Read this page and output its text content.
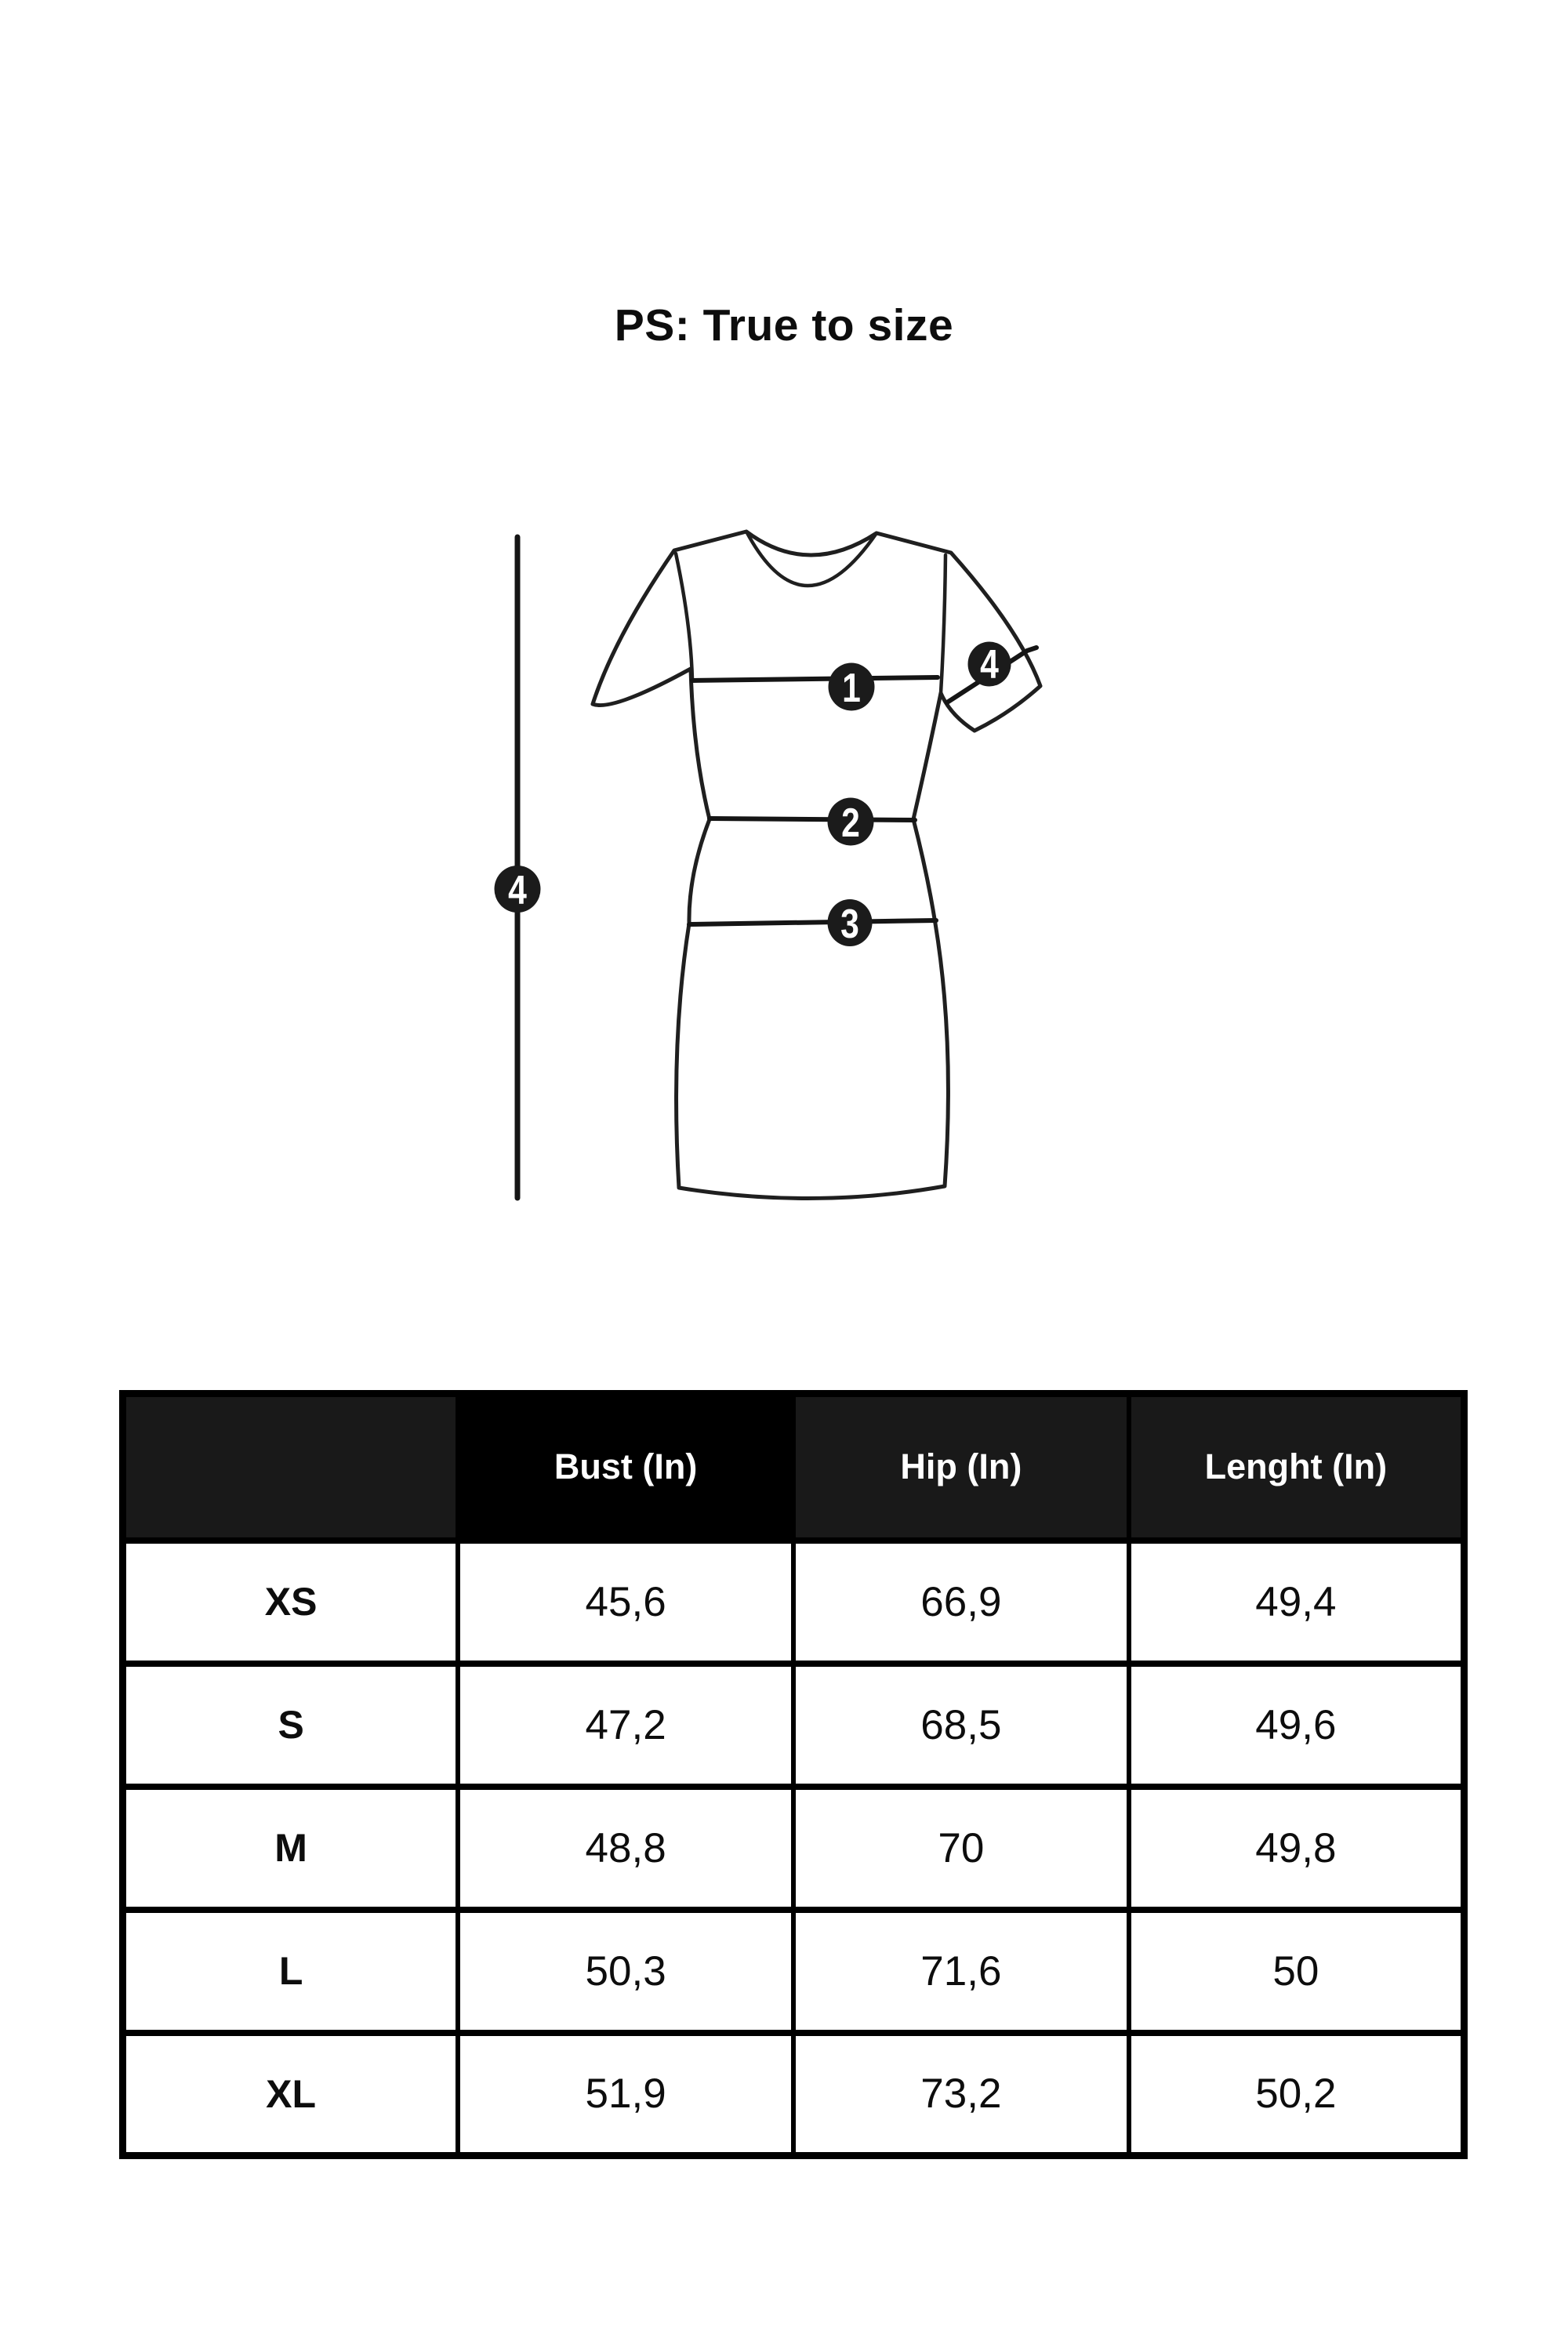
PS: True to size
1
2
3
4
4
	Bust (In)	Hip (In)	Lenght (In)
XS	45,6	66,9	49,4
S	47,2	68,5	49,6
M	48,8	70	49,8
L	50,3	71,6	50
XL	51,9	73,2	50,2
